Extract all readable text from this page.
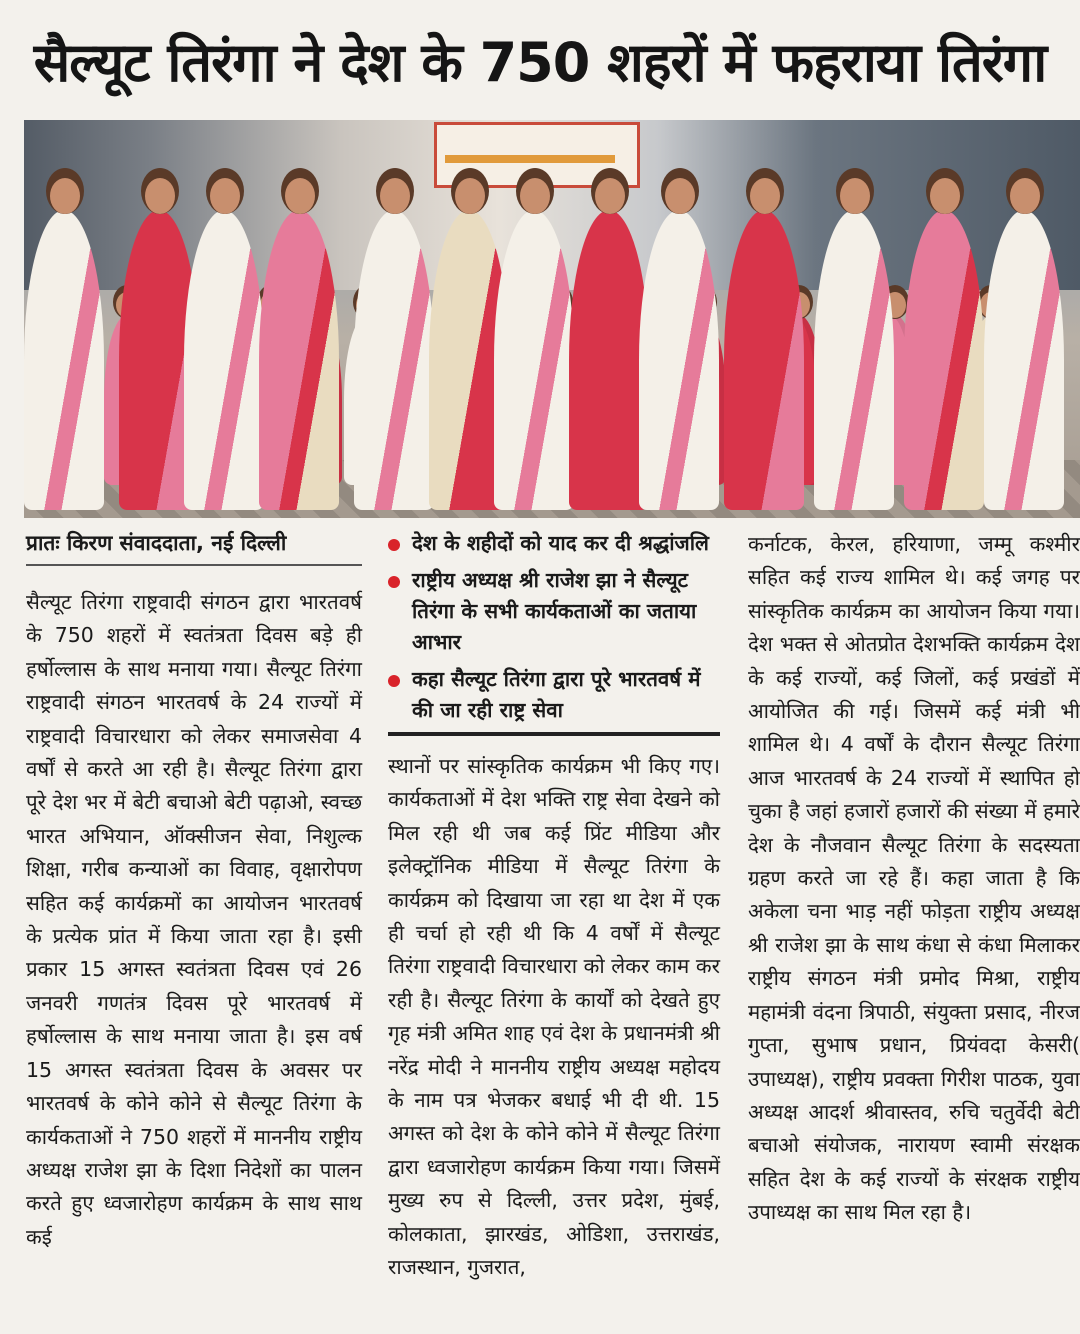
सैल्यूट तिरंगा ने देश के 750 शहरों में फहराया तिरंगा
प्रातः किरण संवाददाता, नई दिल्ली

सैल्यूट तिरंगा राष्ट्रवादी संगठन द्वारा भारतवर्ष के 750 शहरों में स्वतंत्रता दिवस बड़े ही हर्षोल्लास के साथ मनाया गया। सैल्यूट तिरंगा राष्ट्रवादी संगठन भारतवर्ष के 24 राज्यों में राष्ट्रवादी विचारधारा को लेकर समाजसेवा 4 वर्षों से करते आ रही है। सैल्यूट तिरंगा द्वारा पूरे देश भर में बेटी बचाओ बेटी पढ़ाओ, स्वच्छ भारत अभियान, ऑक्सीजन सेवा, निशुल्क शिक्षा, गरीब कन्याओं का विवाह, वृक्षारोपण सहित कई कार्यक्रमों का आयोजन भारतवर्ष के प्रत्येक प्रांत में किया जाता रहा है। इसी प्रकार 15 अगस्त स्वतंत्रता दिवस एवं 26 जनवरी गणतंत्र दिवस पूरे भारतवर्ष में हर्षोल्लास के साथ मनाया जाता है। इस वर्ष 15 अगस्त स्वतंत्रता दिवस के अवसर पर भारतवर्ष के कोने कोने से सैल्यूट तिरंगा के कार्यकताओं ने 750 शहरों में माननीय राष्ट्रीय अध्यक्ष राजेश झा के दिशा निदेशों का पालन करते हुए ध्वजारोहण कार्यक्रम के साथ साथ कई

देश के शहीदों को याद कर दी श्रद्धांजलि
राष्ट्रीय अध्यक्ष श्री राजेश झा ने सैल्यूट तिरंगा के सभी कार्यकताओं का जताया आभार
कहा सैल्यूट तिरंगा द्वारा पूरे भारतवर्ष में की जा रही राष्ट्र सेवा

स्थानों पर सांस्कृतिक कार्यक्रम भी किए गए। कार्यकताओं में देश भक्ति राष्ट्र सेवा देखने को मिल रही थी जब कई प्रिंट मीडिया और इलेक्ट्रॉनिक मीडिया में सैल्यूट तिरंगा के कार्यक्रम को दिखाया जा रहा था देश में एक ही चर्चा हो रही थी कि 4 वर्षों में सैल्यूट तिरंगा राष्ट्रवादी विचारधारा को लेकर काम कर रही है। सैल्यूट तिरंगा के कार्यों को देखते हुए गृह मंत्री अमित शाह एवं देश के प्रधानमंत्री श्री नरेंद्र मोदी ने माननीय राष्ट्रीय अध्यक्ष महोदय के नाम पत्र भेजकर बधाई भी दी थी. 15 अगस्त को देश के कोने कोने में सैल्यूट तिरंगा द्वारा ध्वजारोहण कार्यक्रम किया गया। जिसमें मुख्य रुप से दिल्ली, उत्तर प्रदेश, मुंबई, कोलकाता, झारखंड, ओडिशा, उत्तराखंड, राजस्थान, गुजरात,

कर्नाटक, केरल, हरियाणा, जम्मू कश्मीर सहित कई राज्य शामिल थे। कई जगह पर सांस्कृतिक कार्यक्रम का आयोजन किया गया। देश भक्त से ओतप्रोत देशभक्ति कार्यक्रम देश के कई राज्यों, कई जिलों, कई प्रखंडों में आयोजित की गई। जिसमें कई मंत्री भी शामिल थे। 4 वर्षों के दौरान सैल्यूट तिरंगा आज भारतवर्ष के 24 राज्यों में स्थापित हो चुका है जहां हजारों हजारों की संख्या में हमारे देश के नौजवान सैल्यूट तिरंगा के सदस्यता ग्रहण करते जा रहे हैं। कहा जाता है कि अकेला चना भाड़ नहीं फोड़ता राष्ट्रीय अध्यक्ष श्री राजेश झा के साथ कंधा से कंधा मिलाकर राष्ट्रीय संगठन मंत्री प्रमोद मिश्रा, राष्ट्रीय महामंत्री वंदना त्रिपाठी, संयुक्ता प्रसाद, नीरज गुप्ता, सुभाष प्रधान, प्रियंवदा केसरी( उपाध्यक्ष), राष्ट्रीय प्रवक्ता गिरीश पाठक, युवा अध्यक्ष आदर्श श्रीवास्तव, रुचि चतुर्वेदी बेटी बचाओ संयोजक, नारायण स्वामी संरक्षक सहित देश के कई राज्यों के संरक्षक राष्ट्रीय उपाध्यक्ष का साथ मिल रहा है।
